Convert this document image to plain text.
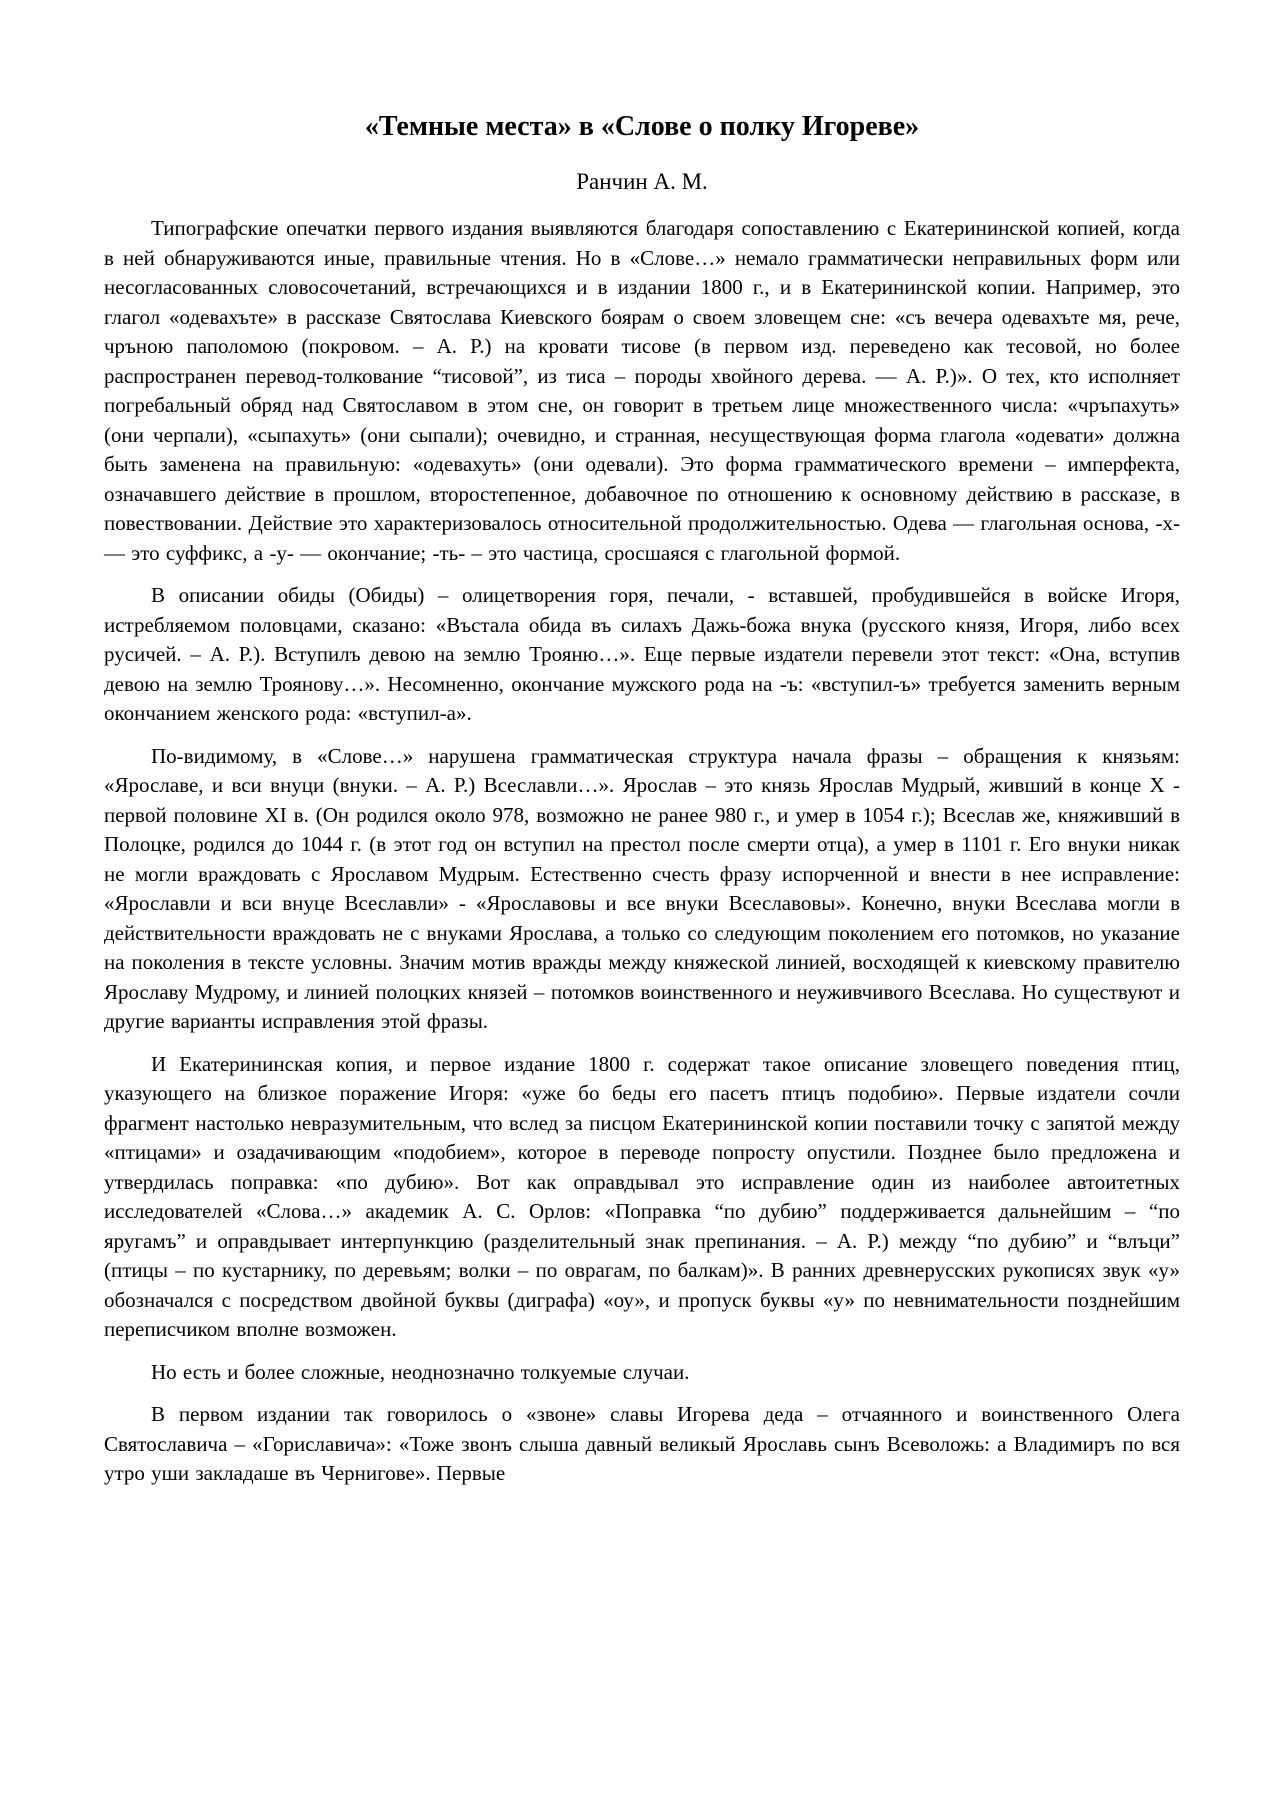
«Темные места» в «Слове о полку Игореве»
Ранчин А. М.

Типографские опечатки первого издания выявляются благодаря сопоставлению с Екатерининской копией, когда в ней обнаруживаются иные, правильные чтения. Но в «Слове…» немало грамматически неправильных форм или несогласованных словосочетаний, встречающихся и в издании 1800 г., и в Екатерининской копии. Например, это глагол «одевахъте» в рассказе Святослава Киевского боярам о своем зловещем сне: «съ вечера одевахъте мя, рече, чръною паполомою (покровом. – А. Р.) на кровати тисове (в первом изд. переведено как тесовой, но более распространен перевод-толкование “тисовой”, из тиса – породы хвойного дерева. — А. Р.)». О тех, кто исполняет погребальный обряд над Святославом в этом сне, он говорит в третьем лице множественного числа: «чръпахуть» (они черпали), «сыпахуть» (они сыпали); очевидно, и странная, несуществующая форма глагола «одевати» должна быть заменена на правильную: «одевахуть» (они одевали). Это форма грамматического времени – имперфекта, означавшего действие в прошлом, второстепенное, добавочное по отношению к основному действию в рассказе, в повествовании. Действие это характеризовалось относительной продолжительностью. Одева — глагольная основа, -х- — это суффикс, а -у- — окончание; -ть- – это частица, сросшаяся с глагольной формой.

В описании обиды (Обиды) – олицетворения горя, печали, - вставшей, пробудившейся в войске Игоря, истребляемом половцами, сказано: «Въстала обида въ силахъ Дажь-божа внука (русского князя, Игоря, либо всех русичей. – А. Р.). Вступилъ девою на землю Трояню…». Еще первые издатели перевели этот текст: «Она, вступив девою на землю Троянову…». Несомненно, окончание мужского рода на -ъ: «вступил-ъ» требуется заменить верным окончанием женского рода: «вступил-а».

По-видимому, в «Слове…» нарушена грамматическая структура начала фразы – обращения к князьям: «Ярославе, и вси внуци (внуки. – А. Р.) Всеславли…». Ярослав – это князь Ярослав Мудрый, живший в конце X - первой половине XI в. (Он родился около 978, возможно не ранее 980 г., и умер в 1054 г.); Всеслав же, княживший в Полоцке, родился до 1044 г. (в этот год он вступил на престол после смерти отца), а умер в 1101 г. Его внуки никак не могли враждовать с Ярославом Мудрым. Естественно счесть фразу испорченной и внести в нее исправление: «Ярославли и вси внуце Всеславли» - «Ярославовы и все внуки Всеславовы». Конечно, внуки Всеслава могли в действительности враждовать не с внуками Ярослава, а только со следующим поколением его потомков, но указание на поколения в тексте условны. Значим мотив вражды между княжеской линией, восходящей к киевскому правителю Ярославу Мудрому, и линией полоцких князей – потомков воинственного и неуживчивого Всеслава. Но существуют и другие варианты исправления этой фразы.

И Екатерининская копия, и первое издание 1800 г. содержат такое описание зловещего поведения птиц, указующего на близкое поражение Игоря: «уже бо беды его пасетъ птицъ подобию». Первые издатели сочли фрагмент настолько невразумительным, что вслед за писцом Екатерининской копии поставили точку с запятой между «птицами» и озадачивающим «подобием», которое в переводе попросту опустили. Позднее было предложена и утвердилась поправка: «по дубию». Вот как оправдывал это исправление один из наиболее автоитетных исследователей «Слова…» академик А. С. Орлов: «Поправка “по дубию” поддерживается дальнейшим – “по яругамъ” и оправдывает интерпункцию (разделительный знак препинания. – А. Р.) между “по дубию” и “влъци” (птицы – по кустарнику, по деревьям; волки – по оврагам, по балкам)». В ранних древнерусских рукописях звук «у» обозначался с посредством двойной буквы (диграфа) «оу», и пропуск буквы «у» по невнимательности позднейшим переписчиком вполне возможен.

Но есть и более сложные, неоднозначно толкуемые случаи.

В первом издании так говорилось о «звоне» славы Игорева деда – отчаянного и воинственного Олега Святославича – «Гориславича»: «Тоже звонъ слыша давный великый Ярославь сынъ Всеволожь: а Владимиръ по вся утро уши закладаше въ Чернигове». Первые
